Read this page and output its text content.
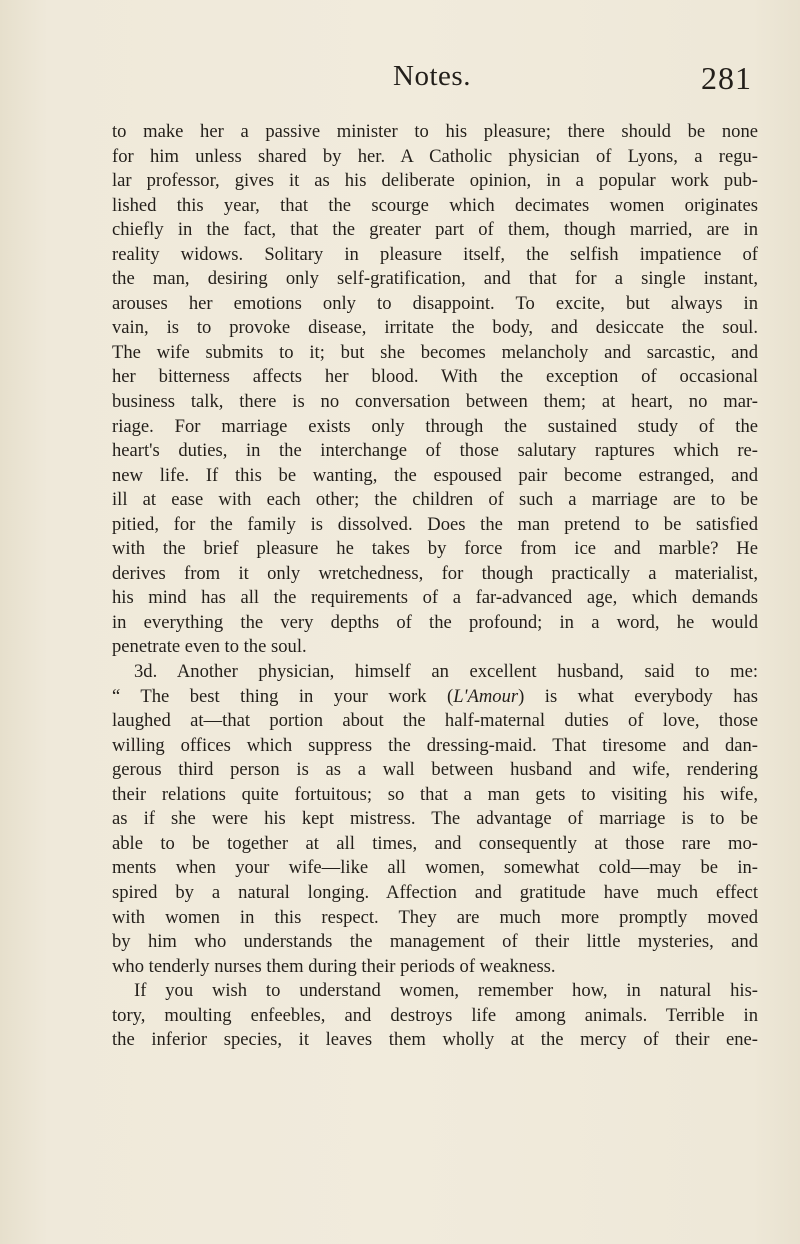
Notes.	281
to make her a passive minister to his pleasure; there should be none
for him unless shared by her. A Catholic physician of Lyons, a regu-
lar professor, gives it as his deliberate opinion, in a popular work pub-
lished this year, that the scourge which decimates women originates
chiefly in the fact, that the greater part of them, though married, are in
reality widows. Solitary in pleasure itself, the selfish impatience of
the man, desiring only self-gratification, and that for a single instant,
arouses her emotions only to disappoint. To excite, but always in
vain, is to provoke disease, irritate the body, and desiccate the soul.
The wife submits to it; but she becomes melancholy and sarcastic, and
her bitterness affects her blood. With the exception of occasional
business talk, there is no conversation between them; at heart, no mar-
riage. For marriage exists only through the sustained study of the
heart's duties, in the interchange of those salutary raptures which re-
new life. If this be wanting, the espoused pair become estranged, and
ill at ease with each other; the children of such a marriage are to be
pitied, for the family is dissolved. Does the man pretend to be satisfied
with the brief pleasure he takes by force from ice and marble? He
derives from it only wretchedness, for though practically a materialist,
his mind has all the requirements of a far-advanced age, which demands
in everything the very depths of the profound; in a word, he would
penetrate even to the soul.
3d. Another physician, himself an excellent husband, said to me:
“ The best thing in your work (L'Amour) is what everybody has
laughed at—that portion about the half-maternal duties of love, those
willing offices which suppress the dressing-maid. That tiresome and dan-
gerous third person is as a wall between husband and wife, rendering
their relations quite fortuitous; so that a man gets to visiting his wife,
as if she were his kept mistress. The advantage of marriage is to be
able to be together at all times, and consequently at those rare mo-
ments when your wife—like all women, somewhat cold—may be in-
spired by a natural longing. Affection and gratitude have much effect
with women in this respect. They are much more promptly moved
by him who understands the management of their little mysteries, and
who tenderly nurses them during their periods of weakness.
If you wish to understand women, remember how, in natural his-
tory, moulting enfeebles, and destroys life among animals. Terrible in
the inferior species, it leaves them wholly at the mercy of their ene-
